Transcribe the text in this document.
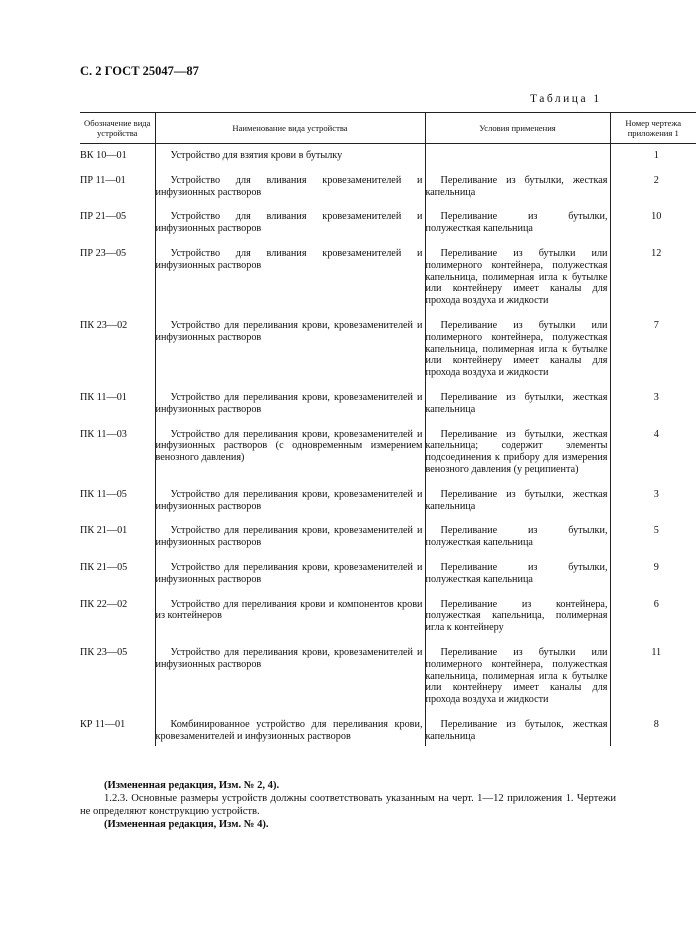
С. 2 ГОСТ 25047—87
Таблица 1
Обозначение вида устройства	Наименование вида устройства	Условия применения	Номер чертежа приложения 1
ВК 10—01	Устройство для взятия крови в бутылку		1
ПР 11—01	Устройство для вливания кровезаменителей и инфузионных растворов	Переливание из бутылки, жесткая капельница	2
ПР 21—05	Устройство для вливания кровезаменителей и инфузионных растворов	Переливание из бутылки, полужесткая капельница	10
ПР 23—05	Устройство для вливания кровезаменителей и инфузионных растворов	Переливание из бутылки или полимерного контейнера, полужесткая капельница, полимерная игла к бутылке или контейнеру имеет каналы для прохода воздуха и жидкости	12
ПК 23—02	Устройство для переливания крови, кровезаменителей и инфузионных растворов	Переливание из бутылки или полимерного контейнера, полужесткая капельница, полимерная игла к бутылке или контейнеру имеет каналы для прохода воздуха и жидкости	7
ПК 11—01	Устройство для переливания крови, кровезаменителей и инфузионных растворов	Переливание из бутылки, жесткая капельница	3
ПК 11—03	Устройство для переливания крови, кровезаменителей и инфузионных растворов (с одновременным измерением венозного давления)	Переливание из бутылки, жесткая капельница; содержит элементы подсоединения к прибору для измерения венозного давления (у реципиента)	4
ПК 11—05	Устройство для переливания крови, кровезаменителей и инфузионных растворов	Переливание из бутылки, жесткая капельница	3
ПК 21—01	Устройство для переливания крови, кровезаменителей и инфузионных растворов	Переливание из бутылки, полужесткая капельница	5
ПК 21—05	Устройство для переливания крови, кровезаменителей и инфузионных растворов	Переливание из бутылки, полужесткая капельница	9
ПК 22—02	Устройство для переливания крови и компонентов крови из контейнеров	Переливание из контейнера, полужесткая капельница, полимерная игла к контейнеру	6
ПК 23—05	Устройство для переливания крови, кровезаменителей и инфузионных растворов	Переливание из бутылки или полимерного контейнера, полужесткая капельница, полимерная игла к бутылке или контейнеру имеет каналы для прохода воздуха и жидкости	11
КР 11—01	Комбинированное устройство для переливания крови, кровезаменителей и инфузионных растворов	Переливание из бутылок, жесткая капельница	8

(Измененная редакция, Изм. № 2, 4).

1.2.3. Основные размеры устройств должны соответствовать указанным на черт. 1—12 приложения 1. Чертежи не определяют конструкцию устройств.

(Измененная редакция, Изм. № 4).
